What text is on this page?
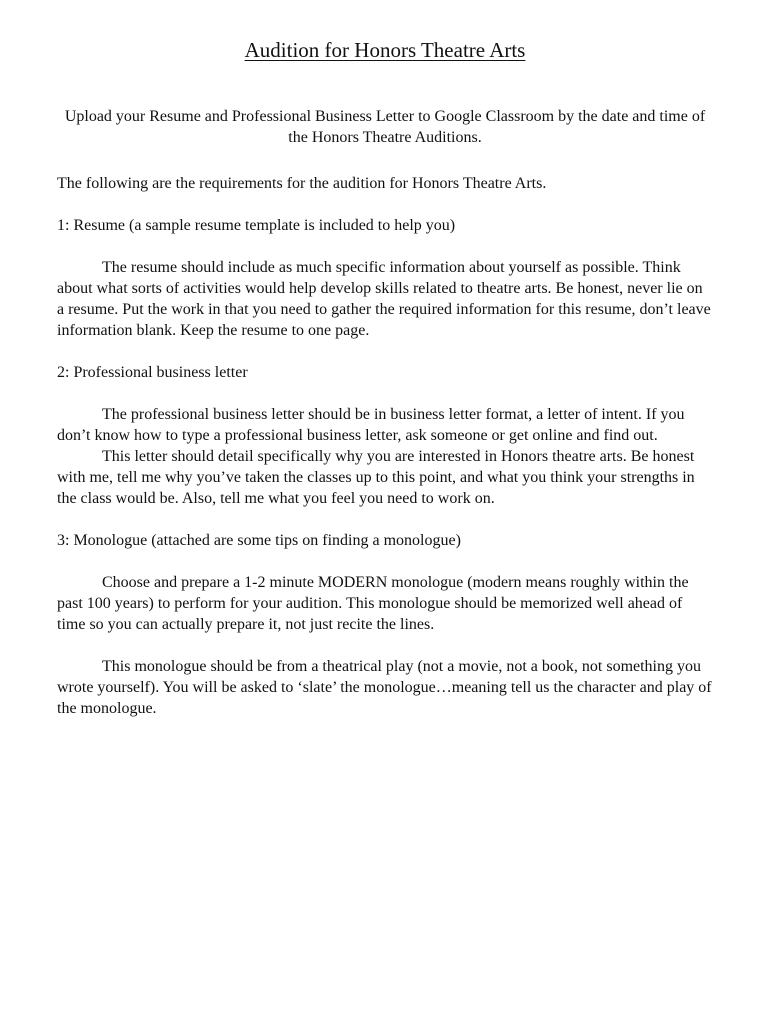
Audition for Honors Theatre Arts

Upload your Resume and Professional Business Letter to Google Classroom by the date and time of the Honors Theatre Auditions.

The following are the requirements for the audition for Honors Theatre Arts.

1: Resume (a sample resume template is included to help you)

The resume should include as much specific information about yourself as possible. Think about what sorts of activities would help develop skills related to theatre arts. Be honest, never lie on a resume. Put the work in that you need to gather the required information for this resume, don’t leave information blank. Keep the resume to one page.

2: Professional business letter

The professional business letter should be in business letter format, a letter of intent. If you don’t know how to type a professional business letter, ask someone or get online and find out.

This letter should detail specifically why you are interested in Honors theatre arts. Be honest with me, tell me why you’ve taken the classes up to this point, and what you think your strengths in the class would be. Also, tell me what you feel you need to work on.

3: Monologue (attached are some tips on finding a monologue)

Choose and prepare a 1-2 minute MODERN monologue (modern means roughly within the past 100 years) to perform for your audition. This monologue should be memorized well ahead of time so you can actually prepare it, not just recite the lines.

This monologue should be from a theatrical play (not a movie, not a book, not something you wrote yourself). You will be asked to ‘slate’ the monologue…meaning tell us the character and play of the monologue.
